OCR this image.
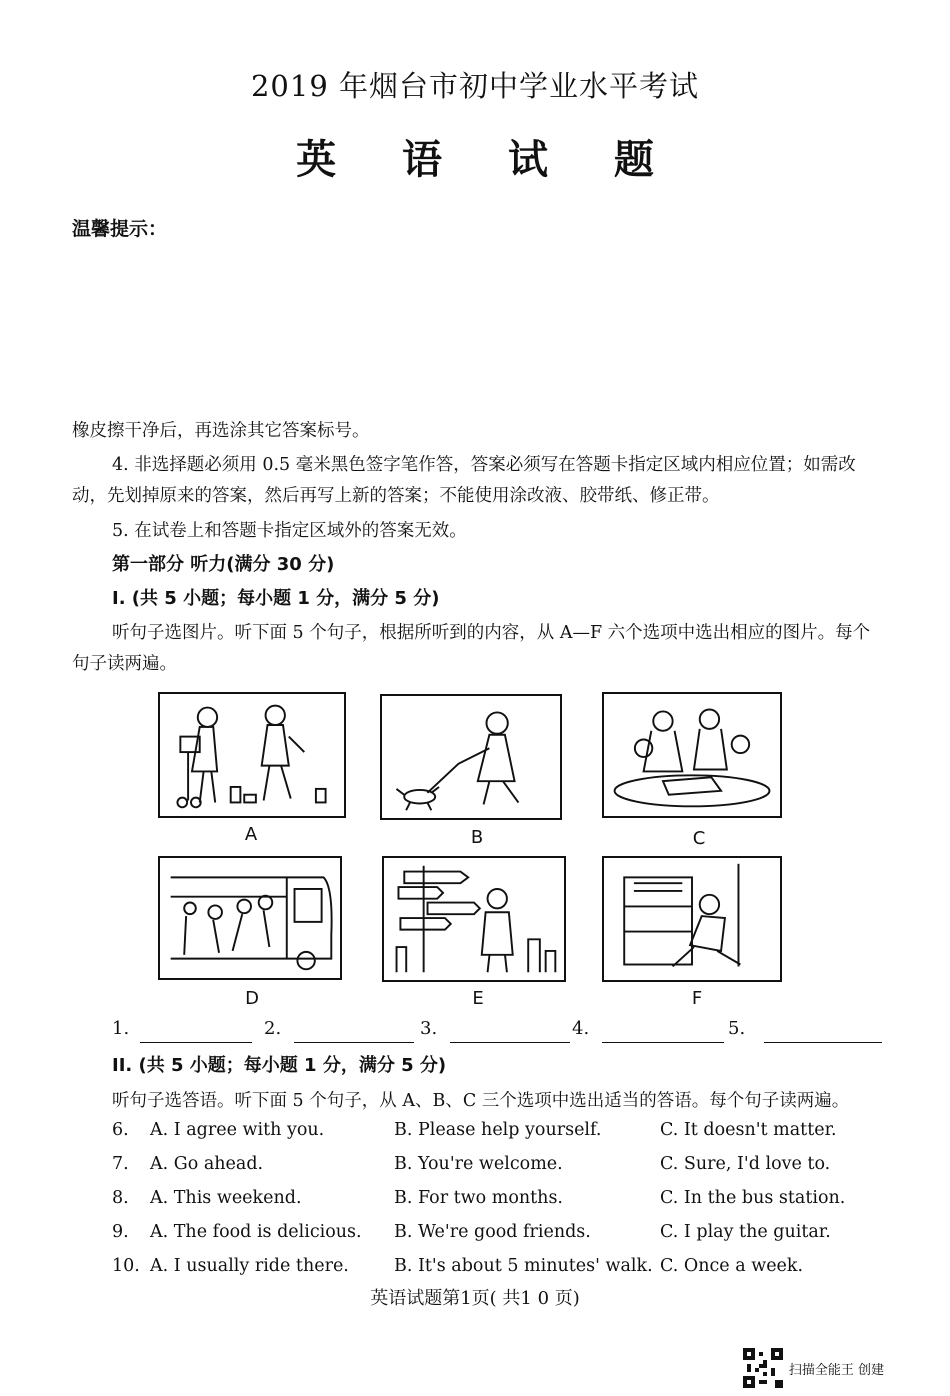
2019 年烟台市初中学业水平考试
英 语 试 题
温馨提示：
橡皮擦干净后，再选涂其它答案标号。
4. 非选择题必须用 0.5 毫米黑色签字笔作答，答案必须写在答题卡指定区域内相应位置；如需改动，先划掉原来的答案，然后再写上新的答案；不能使用涂改液、胶带纸、修正带。
5. 在试卷上和答题卡指定区域外的答案无效。
第一部分 听力(满分 30 分)
I. (共 5 小题；每小题 1 分，满分 5 分)
听句子选图片。听下面 5 个句子，根据所听到的内容，从 A—F 六个选项中选出相应的图片。每个句子读两遍。
A	B	C
D	E	F
1.	2.	3.	4.	5.
II. (共 5 小题；每小题 1 分，满分 5 分)
听句子选答语。听下面 5 个句子，从 A、B、C 三个选项中选出适当的答语。每个句子读两遍。
6. A. I agree with you.	B. Please help yourself.	C. It doesn't matter.
7. A. Go ahead.	B. You're welcome.	C. Sure, I'd love to.
8. A. This weekend.	B. For two months.	C. In the bus station.
9. A. The food is delicious. B. We're good friends.	C. I play the guitar.
10. A. I usually ride there.	B. It's about 5 minutes' walk. C. Once a week.
英语试题第1页( 共1 0 页)
扫描全能王 创建
